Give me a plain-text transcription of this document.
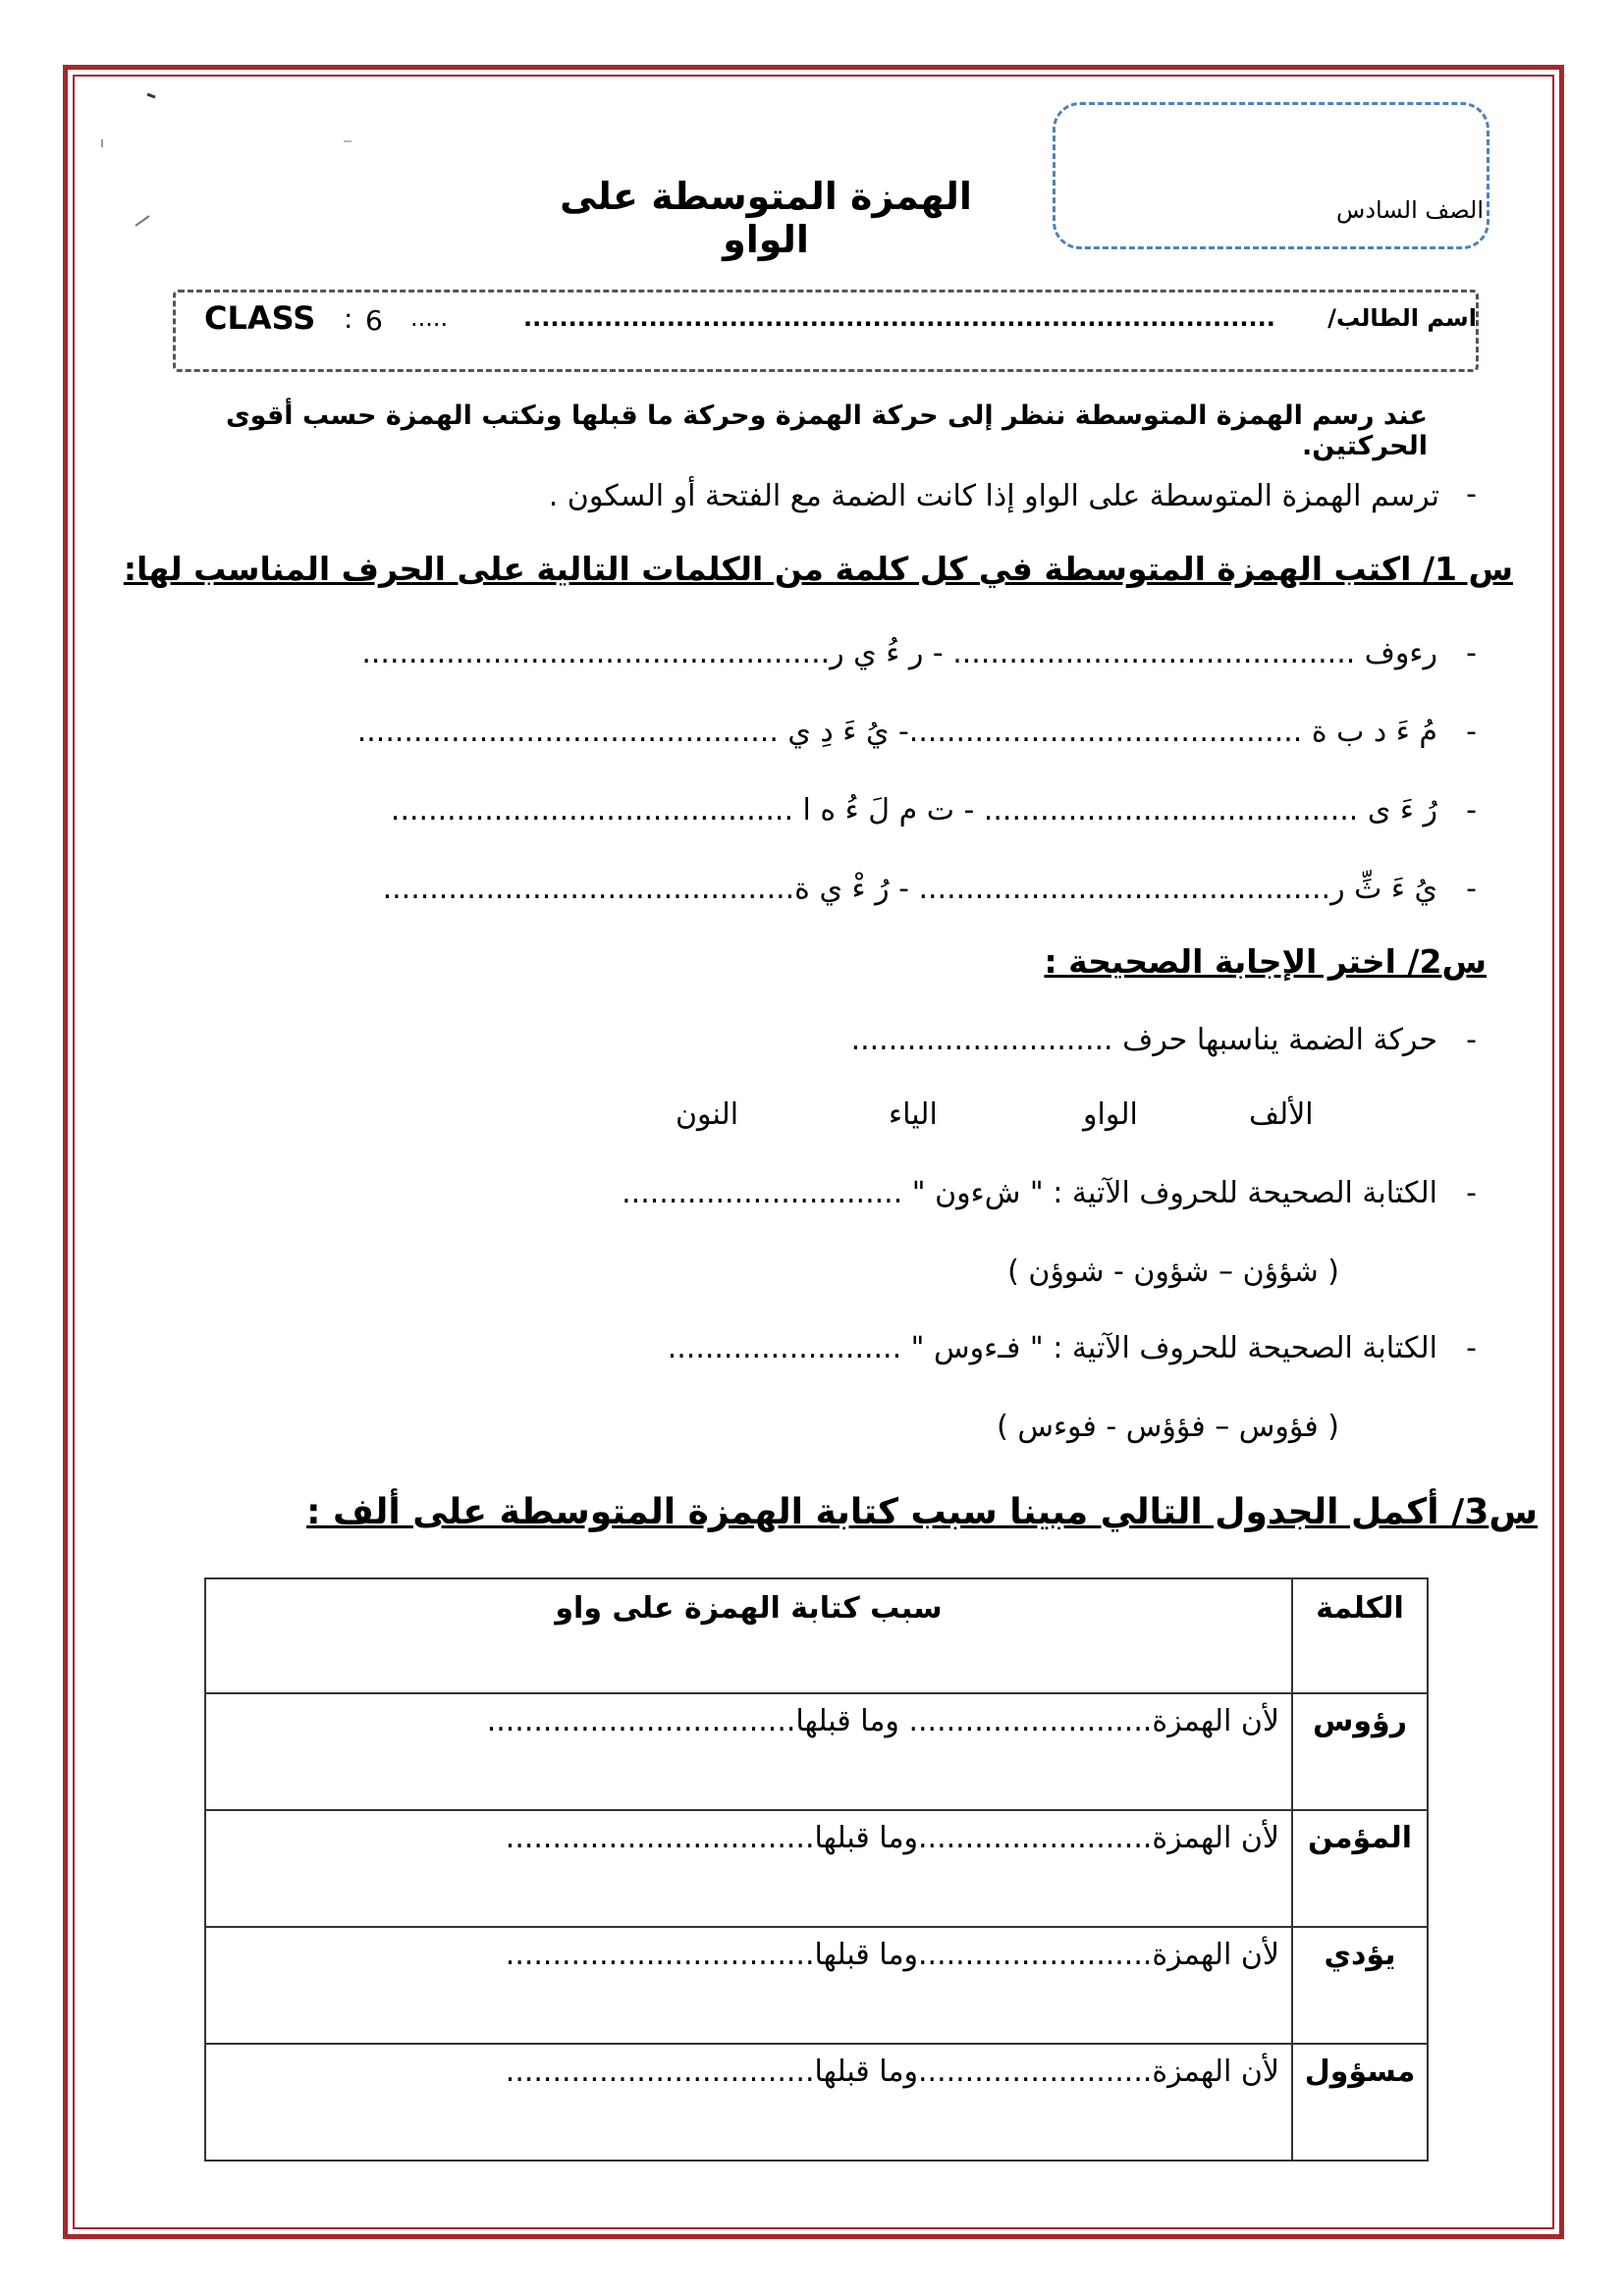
الصف السادس
الهمزة المتوسطة على الواو
اسم الطالب/
....................................................................................
CLASS : 6 .....
عند رسم الهمزة المتوسطة ننظر إلى حركة الهمزة وحركة ما قبلها ونكتب الهمزة حسب أقوى الحركتين.
-
ترسم الهمزة المتوسطة على الواو إذا كانت الضمة مع الفتحة أو السكون .
س 1/ اكتب الهمزة المتوسطة في كل كلمة من الكلمات التالية على الحرف المناسب لها:
-
رءوف ........................................... - ر ءُ ي ر..................................................
-
مُ ءَ د ب ة ..........................................- يُ ءَ دِ ي .............................................
-
رُ ءَ ى ........................................ - ت م لَ ءُ ه ا ...........................................
-
يُ ءَ ثِّ ر............................................ - رُ ءْ ي ة............................................
س2/ اختر الإجابة الصحيحة :
-
حركة الضمة يناسبها حرف ............................
الألف
الواو
الياء
النون
-
الكتابة الصحيحة للحروف الآتية : " شءون " ..............................
( شؤؤن – شؤون - شوؤن )
-
الكتابة الصحيحة للحروف الآتية : " فـءوس " .........................
( فؤوس – فؤؤس - فوءس )
س3/ أكمل الجدول التالي مبينا سبب كتابة الهمزة المتوسطة على ألف :
الكلمة	سبب كتابة الهمزة على واو
رؤوس	لأن الهمزة.......................... وما قبلها.................................
المؤمن	لأن الهمزة.........................وما قبلها.................................
يؤدي	لأن الهمزة.........................وما قبلها.................................
مسؤول	لأن الهمزة.........................وما قبلها.................................
